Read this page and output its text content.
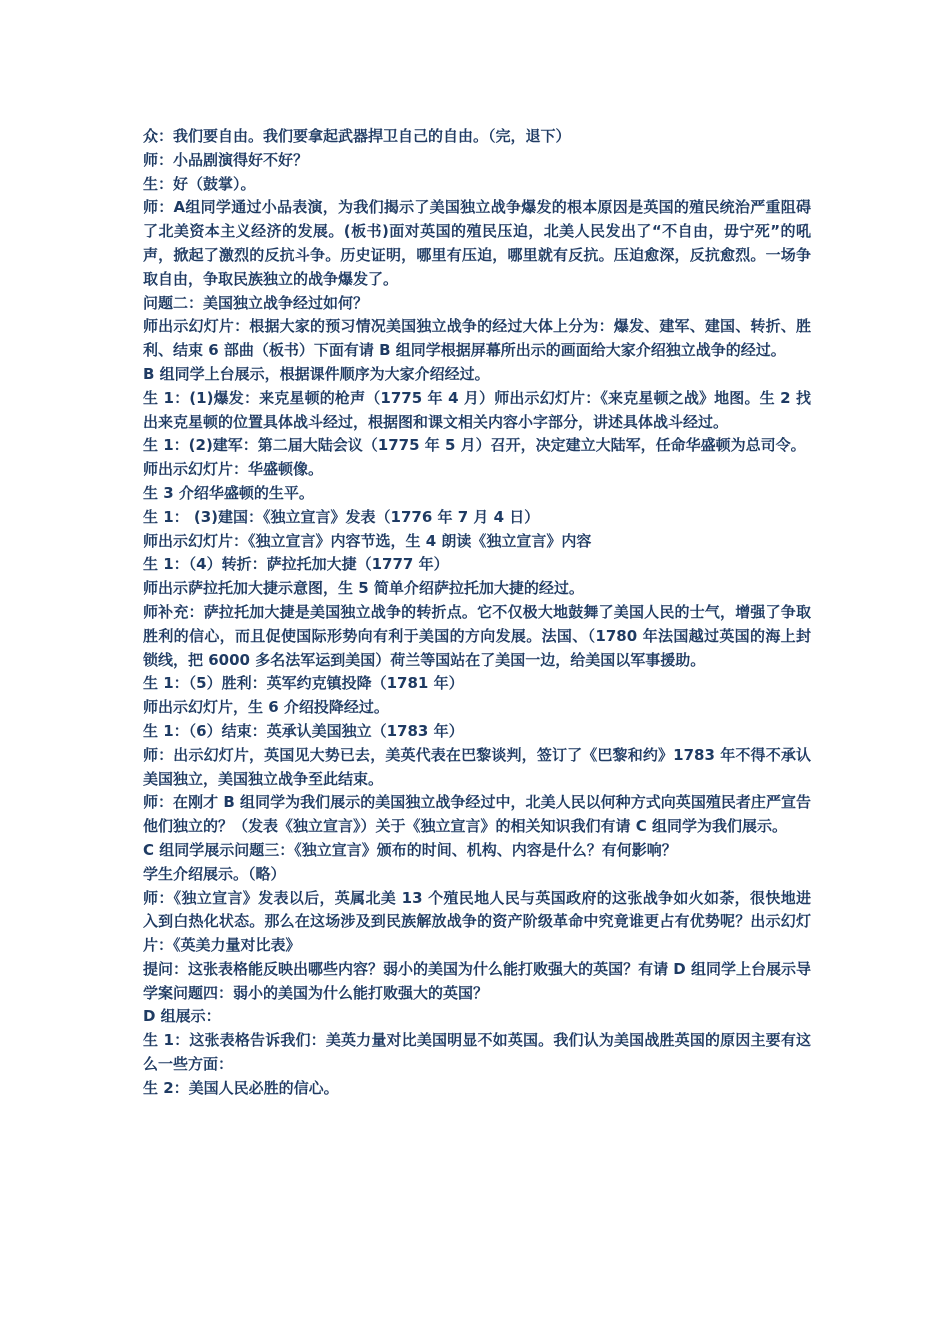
众：我们要自由。我们要拿起武器捍卫自己的自由。（完，退下）

师：小品剧演得好不好？

生：好（鼓掌）。

师：A组同学通过小品表演，为我们揭示了美国独立战争爆发的根本原因是英国的殖民统治严重阻碍了北美资本主义经济的发展。(板书)面对英国的殖民压迫，北美人民发出了“不自由，毋宁死”的吼声，掀起了激烈的反抗斗争。历史证明，哪里有压迫，哪里就有反抗。压迫愈深，反抗愈烈。一场争取自由，争取民族独立的战争爆发了。

问题二：美国独立战争经过如何？

师出示幻灯片：根据大家的预习情况美国独立战争的经过大体上分为：爆发、建军、建国、转折、胜利、结束 6 部曲（板书）下面有请 B 组同学根据屏幕所出示的画面给大家介绍独立战争的经过。

B 组同学上台展示，根据课件顺序为大家介绍经过。

生 1：(1)爆发：来克星顿的枪声（1775 年 4 月）师出示幻灯片：《来克星顿之战》地图。生 2 找出来克星顿的位置具体战斗经过，根据图和课文相关内容小字部分，讲述具体战斗经过。

生 1：(2)建军：第二届大陆会议（1775 年 5 月）召开，决定建立大陆军，任命华盛顿为总司令。

师出示幻灯片：华盛顿像。

生 3 介绍华盛顿的生平。

生 1： (3)建国：《独立宣言》发表（1776 年 7 月 4 日）

师出示幻灯片：《独立宣言》内容节选，生 4 朗读《独立宣言》内容

生 1：（4）转折：萨拉托加大捷（1777 年）

师出示萨拉托加大捷示意图，生 5 简单介绍萨拉托加大捷的经过。

师补充：萨拉托加大捷是美国独立战争的转折点。它不仅极大地鼓舞了美国人民的士气，增强了争取胜利的信心，而且促使国际形势向有利于美国的方向发展。法国、（1780 年法国越过英国的海上封锁线，把 6000 多名法军运到美国）荷兰等国站在了美国一边，给美国以军事援助。

生 1：（5）胜利：英军约克镇投降（1781 年）

师出示幻灯片，生 6 介绍投降经过。

生 1：（6）结束：英承认美国独立（1783 年）

师：出示幻灯片，英国见大势已去，美英代表在巴黎谈判，签订了《巴黎和约》1783 年不得不承认美国独立，美国独立战争至此结束。

师：在刚才 B 组同学为我们展示的美国独立战争经过中，北美人民以何种方式向英国殖民者庄严宣告他们独立的？（发表《独立宣言》）关于《独立宣言》的相关知识我们有请 C 组同学为我们展示。

C 组同学展示问题三：《独立宣言》颁布的时间、机构、内容是什么？有何影响？

学生介绍展示。（略）

师：《独立宣言》发表以后，英属北美 13 个殖民地人民与英国政府的这张战争如火如荼，很快地进入到白热化状态。那么在这场涉及到民族解放战争的资产阶级革命中究竟谁更占有优势呢？出示幻灯片：《英美力量对比表》

提问：这张表格能反映出哪些内容？弱小的美国为什么能打败强大的英国？有请 D 组同学上台展示导学案问题四：弱小的美国为什么能打败强大的英国？

D 组展示：

生 1：这张表格告诉我们：美英力量对比美国明显不如英国。我们认为美国战胜英国的原因主要有这么一些方面：

生 2：美国人民必胜的信心。
